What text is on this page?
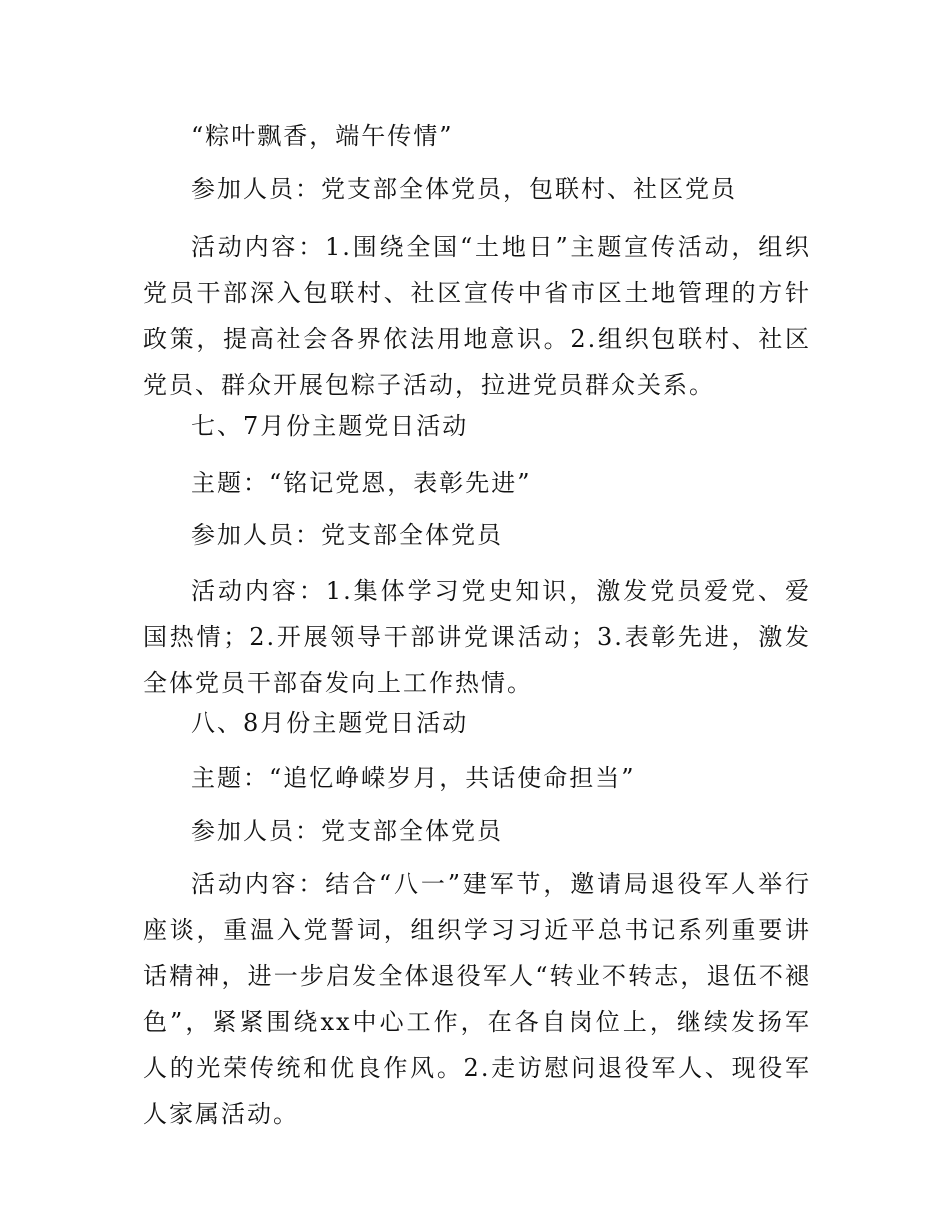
“粽叶飘香，端午传情”

参加人员：党支部全体党员，包联村、社区党员

活动内容：1.围绕全国“土地日”主题宣传活动，组织党员干部深入包联村、社区宣传中省市区土地管理的方针政策，提高社会各界依法用地意识。2.组织包联村、社区党员、群众开展包粽子活动，拉进党员群众关系。

七、7月份主题党日活动

主题：“铭记党恩，表彰先进”

参加人员：党支部全体党员

活动内容：1.集体学习党史知识，激发党员爱党、爱国热情；2.开展领导干部讲党课活动；3.表彰先进，激发全体党员干部奋发向上工作热情。

八、8月份主题党日活动

主题：“追忆峥嵘岁月，共话使命担当”

参加人员：党支部全体党员

活动内容：结合“八一”建军节，邀请局退役军人举行座谈，重温入党誓词，组织学习习近平总书记系列重要讲话精神，进一步启发全体退役军人“转业不转志，退伍不褪色”，紧紧围绕xx中心工作，在各自岗位上，继续发扬军人的光荣传统和优良作风。2.走访慰问退役军人、现役军人家属活动。
